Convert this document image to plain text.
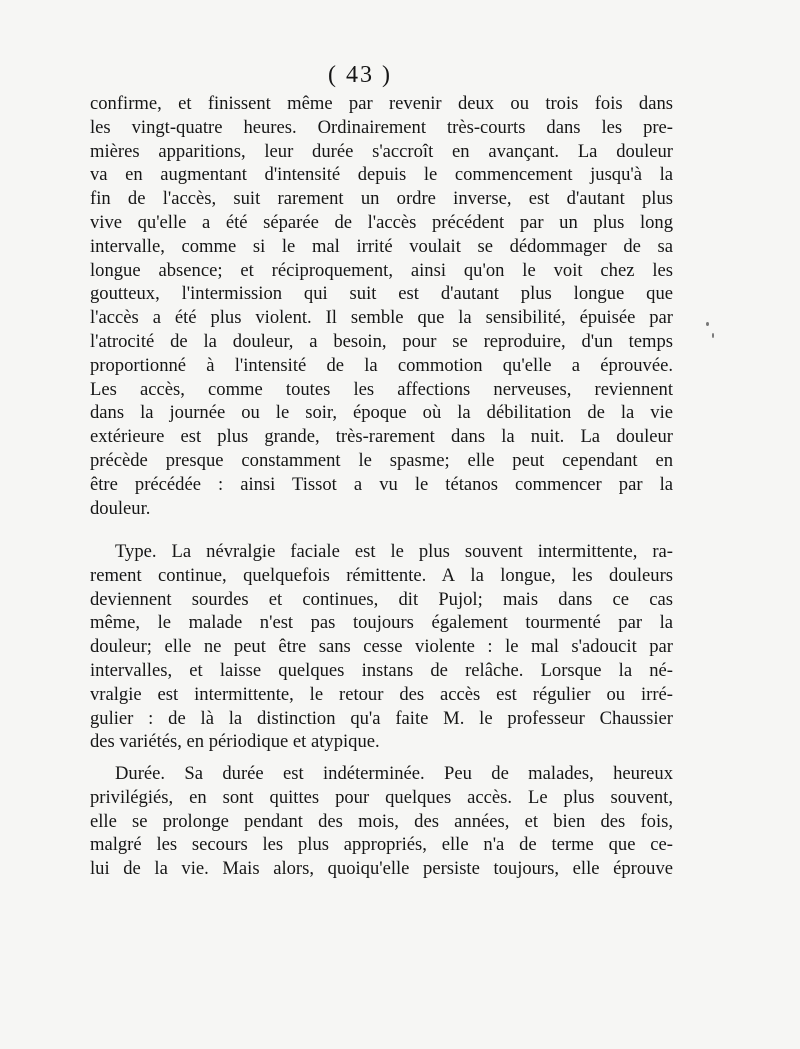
( 43 )
confirme, et finissent même par revenir deux ou trois fois dans
les vingt-quatre heures. Ordinairement très-courts dans les pre-
mières apparitions, leur durée s'accroît en avançant. La douleur
va en augmentant d'intensité depuis le commencement jusqu'à la
fin de l'accès, suit rarement un ordre inverse, est d'autant plus
vive qu'elle a été séparée de l'accès précédent par un plus long
intervalle, comme si le mal irrité voulait se dédommager de sa
longue absence; et réciproquement, ainsi qu'on le voit chez les
goutteux, l'intermission qui suit est d'autant plus longue que
l'accès a été plus violent. Il semble que la sensibilité, épuisée par
l'atrocité de la douleur, a besoin, pour se reproduire, d'un temps
proportionné à l'intensité de la commotion qu'elle a éprouvée.
Les accès, comme toutes les affections nerveuses, reviennent
dans la journée ou le soir, époque où la débilitation de la vie
extérieure est plus grande, très-rarement dans la nuit. La douleur
précède presque constamment le spasme; elle peut cependant en
être précédée : ainsi Tissot a vu le tétanos commencer par la
douleur.
Type. La névralgie faciale est le plus souvent intermittente, ra-
rement continue, quelquefois rémittente. A la longue, les douleurs
deviennent sourdes et continues, dit Pujol; mais dans ce cas
même, le malade n'est pas toujours également tourmenté par la
douleur; elle ne peut être sans cesse violente : le mal s'adoucit par
intervalles, et laisse quelques instans de relâche. Lorsque la né-
vralgie est intermittente, le retour des accès est régulier ou irré-
gulier : de là la distinction qu'a faite M. le professeur Chaussier
des variétés, en périodique et atypique.
Durée. Sa durée est indéterminée. Peu de malades, heureux
privilégiés, en sont quittes pour quelques accès. Le plus souvent,
elle se prolonge pendant des mois, des années, et bien des fois,
malgré les secours les plus appropriés, elle n'a de terme que ce-
lui de la vie. Mais alors, quoiqu'elle persiste toujours, elle éprouve
